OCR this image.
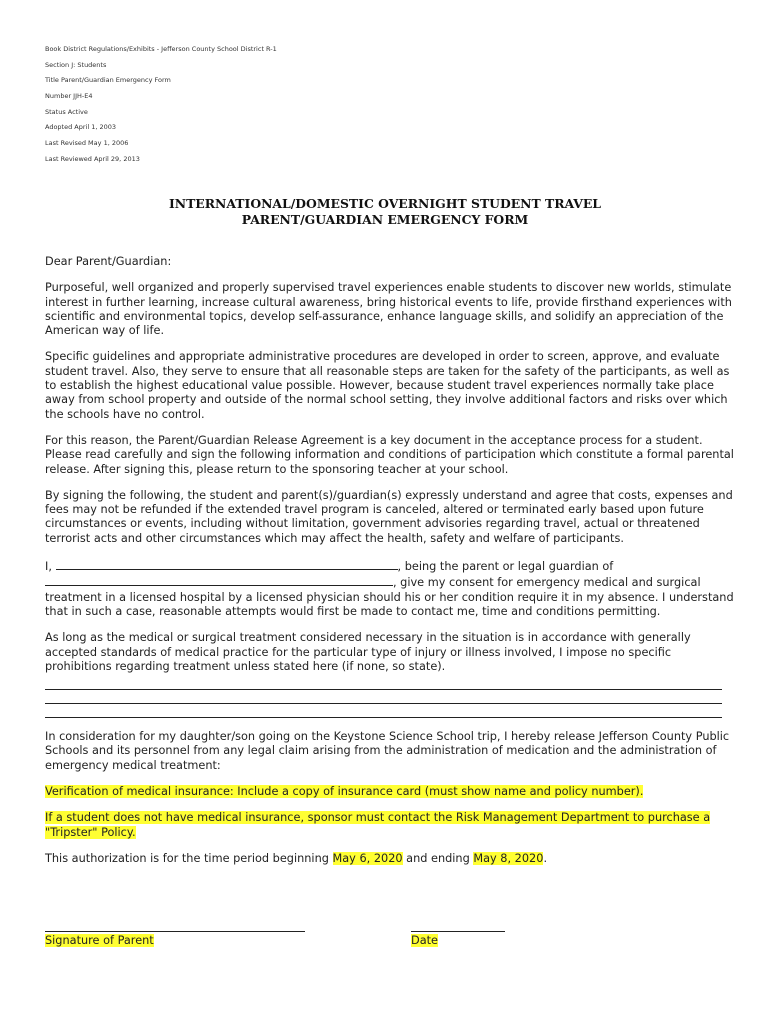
Book District Regulations/Exhibits - Jefferson County School District R-1
Section J: Students
Title Parent/Guardian Emergency Form
Number JJH-E4
Status Active
Adopted April 1, 2003
Last Revised May 1, 2006
Last Reviewed April 29, 2013
INTERNATIONAL/DOMESTIC OVERNIGHT STUDENT TRAVEL
PARENT/GUARDIAN EMERGENCY FORM

Dear Parent/Guardian:

Purposeful, well organized and properly supervised travel experiences enable students to discover new worlds, stimulate interest in further learning, increase cultural awareness, bring historical events to life, provide firsthand experiences with scientific and environmental topics, develop self-assurance, enhance language skills, and solidify an appreciation of the American way of life.

Specific guidelines and appropriate administrative procedures are developed in order to screen, approve, and evaluate student travel. Also, they serve to ensure that all reasonable steps are taken for the safety of the participants, as well as to establish the highest educational value possible. However, because student travel experiences normally take place away from school property and outside of the normal school setting, they involve additional factors and risks over which the schools have no control.

For this reason, the Parent/Guardian Release Agreement is a key document in the acceptance process for a student. Please read carefully and sign the following information and conditions of participation which constitute a formal parental release. After signing this, please return to the sponsoring teacher at your school.

By signing the following, the student and parent(s)/guardian(s) expressly understand and agree that costs, expenses and fees may not be refunded if the extended travel program is canceled, altered or terminated early based upon future circumstances or events, including without limitation, government advisories regarding travel, actual or threatened terrorist acts and other circumstances which may affect the health, safety and welfare of participants.

I,	, being the parent or legal guardian of
, give my consent for emergency medical and surgical treatment in a licensed hospital by a licensed physician should his or her condition require it in my absence. I understand that in such a case, reasonable attempts would first be made to contact me, time and conditions permitting.

As long as the medical or surgical treatment considered necessary in the situation is in accordance with generally accepted standards of medical practice for the particular type of injury or illness involved, I impose no specific prohibitions regarding treatment unless stated here (if none, so state).

In consideration for my daughter/son going on the Keystone Science School trip, I hereby release Jefferson County Public Schools and its personnel from any legal claim arising from the administration of medication and the administration of emergency medical treatment:

Verification of medical insurance: Include a copy of insurance card (must show name and policy number).

If a student does not have medical insurance, sponsor must contact the Risk Management Department to purchase a "Tripster" Policy.

This authorization is for the time period beginning May 6, 2020 and ending May 8, 2020.

Signature of Parent	Date
